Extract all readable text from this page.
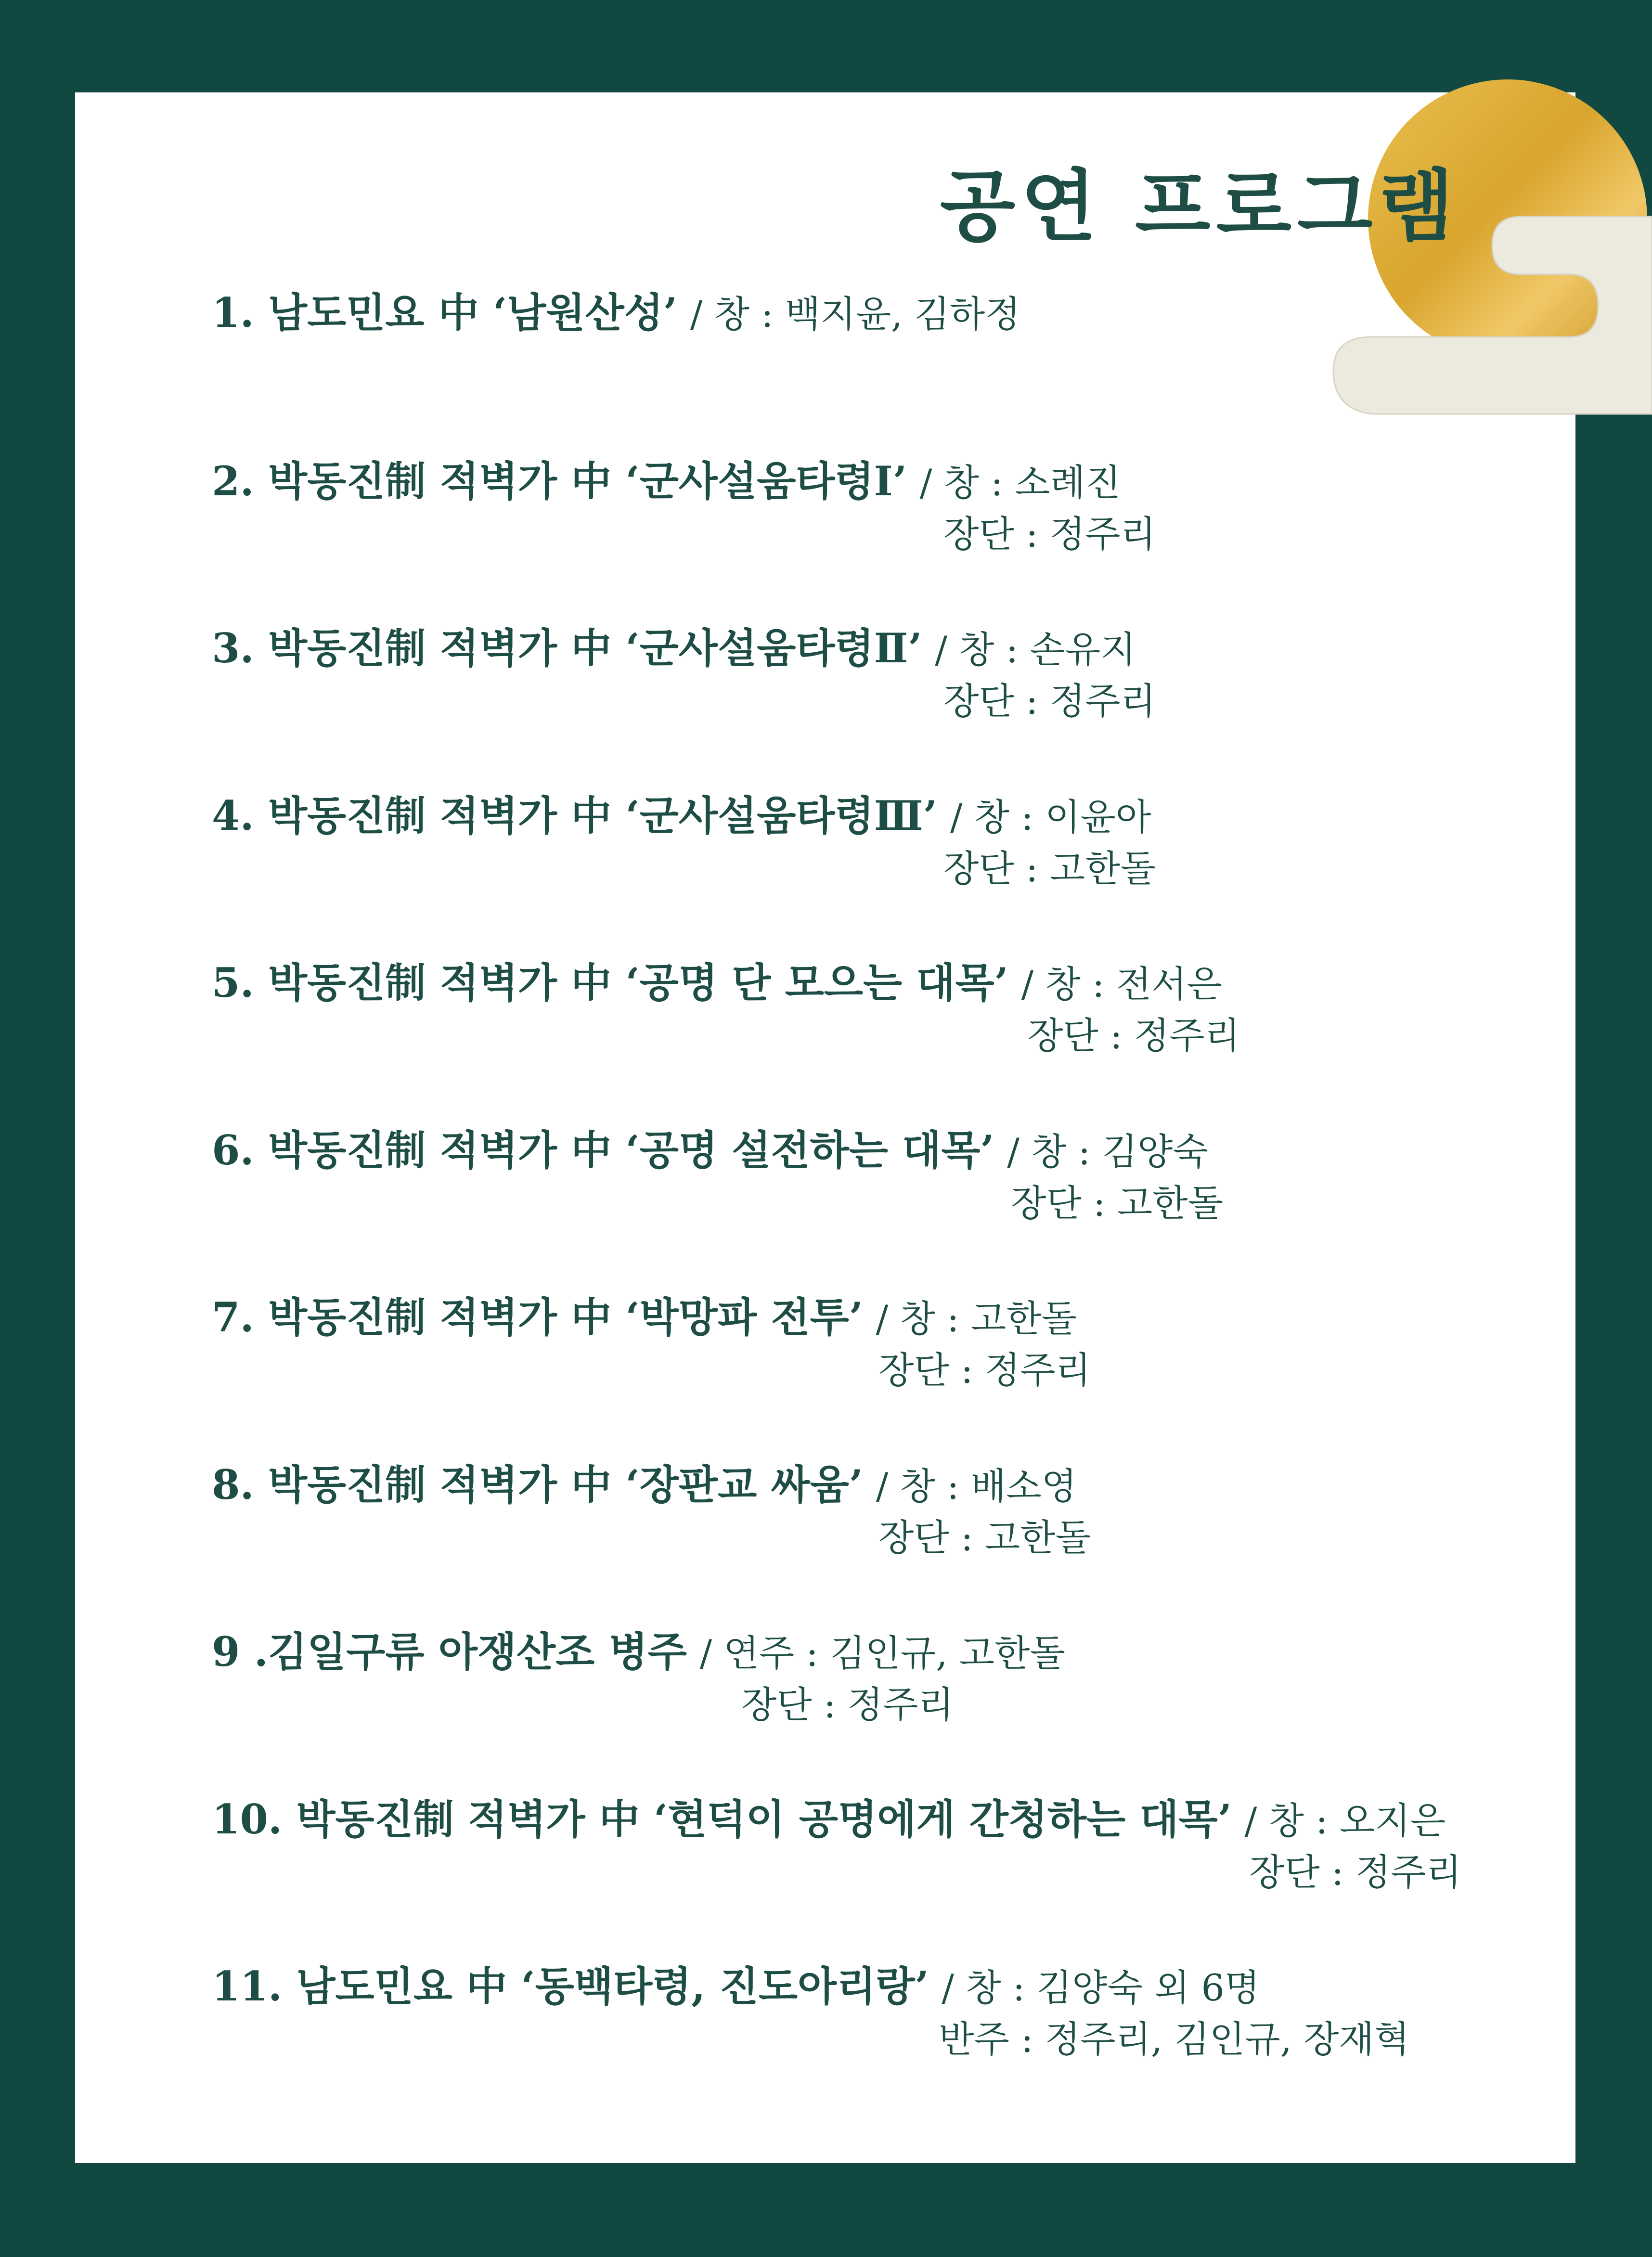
공연 프로그램
1. 남도민요 中 ‘남원산성’ / 창 : 백지윤, 김하정
2. 박동진制 적벽가 中 ‘군사설움타령Ⅰ’ / 창 : 소례진
장단 : 정주리
3. 박동진制 적벽가 中 ‘군사설움타령Ⅱ’ / 창 : 손유지
장단 : 정주리
4. 박동진制 적벽가 中 ‘군사설움타령Ⅲ’ / 창 : 이윤아
장단 : 고한돌
5. 박동진制 적벽가 中 ‘공명 단 모으는 대목’ / 창 : 전서은
장단 : 정주리
6. 박동진制 적벽가 中 ‘공명 설전하는 대목’ / 창 : 김양숙
장단 : 고한돌
7. 박동진制 적벽가 中 ‘박망파 전투’ / 창 : 고한돌
장단 : 정주리
8. 박동진制 적벽가 中 ‘장판교 싸움’ / 창 : 배소영
장단 : 고한돌
9 .김일구류 아쟁산조 병주 / 연주 : 김인규, 고한돌
장단 : 정주리
10. 박동진制 적벽가 中 ‘현덕이 공명에게 간청하는 대목’ / 창 : 오지은
장단 : 정주리
11. 남도민요 中 ‘동백타령, 진도아리랑’ / 창 : 김양숙 외 6명
반주 : 정주리, 김인규, 장재혁
